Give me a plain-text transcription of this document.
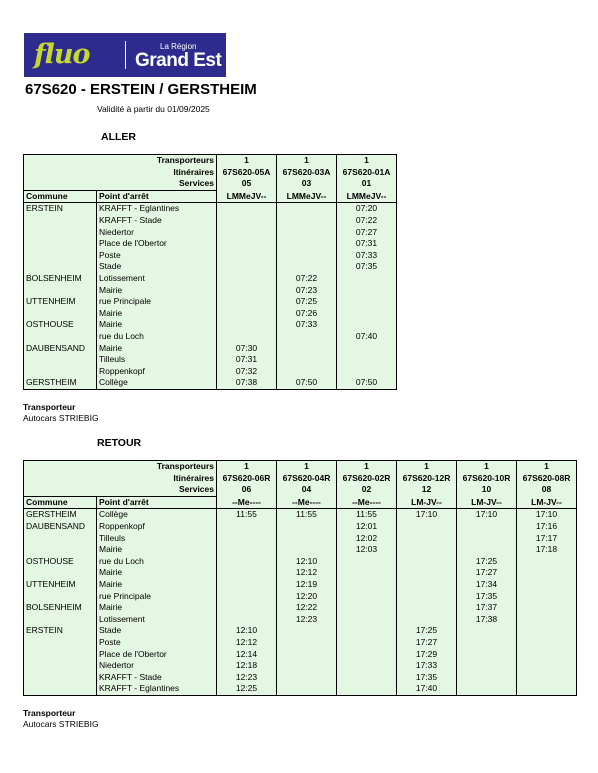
fluo	La Région
Grand Est
67S620 - ERSTEIN / GERSTHEIM
Validité à partir du 01/09/2025
ALLER
Transporteurs		1	1	1
Itinéraires		67S620-05A	67S620-03A	67S620-01A
Services		05	03	01
Commune	Point d'arrêt	LMMeJV--	LMMeJV--	LMMeJV--
ERSTEIN	KRAFFT - Eglantines			07:20
	KRAFFT - Stade			07:22
	Niedertor			07:27
	Place de l'Obertor			07:31
	Poste			07:33
	Stade			07:35
BOLSENHEIM	Lotissement		07:22	
	Mairie		07:23	
UTTENHEIM	rue Principale		07:25	
	Mairie		07:26	
OSTHOUSE	Mairie		07:33	
	rue du Loch			07:40
DAUBENSAND	Mairie	07:30		
	Tilleuls	07:31		
	Roppenkopf	07:32		
GERSTHEIM	Collège	07:38	07:50	07:50
Transporteur
Autocars STRIEBIG
RETOUR
Transporteurs		1	1	1	1	1	1
Itinéraires		67S620-06R	67S620-04R	67S620-02R	67S620-12R	67S620-10R	67S620-08R
Services		06	04	02	12	10	08
Commune	Point d'arrêt	--Me----	--Me----	--Me----	LM-JV--	LM-JV--	LM-JV--
GERSTHEIM	Collège	11:55	11:55	11:55	17:10	17:10	17:10
DAUBENSAND	Roppenkopf			12:01			17:16
	Tilleuls			12:02			17:17
	Mairie			12:03			17:18
OSTHOUSE	rue du Loch		12:10			17:25	
	Mairie		12:12			17:27	
UTTENHEIM	Mairie		12:19			17:34	
	rue Principale		12:20			17:35	
BOLSENHEIM	Mairie		12:22			17:37	
	Lotissement		12:23			17:38	
ERSTEIN	Stade	12:10			17:25		
	Poste	12:12			17:27		
	Place de l'Obertor	12:14			17:29		
	Niedertor	12:18			17:33		
	KRAFFT - Stade	12:23			17:35		
	KRAFFT - Eglantines	12:25			17:40		
Transporteur
Autocars STRIEBIG
